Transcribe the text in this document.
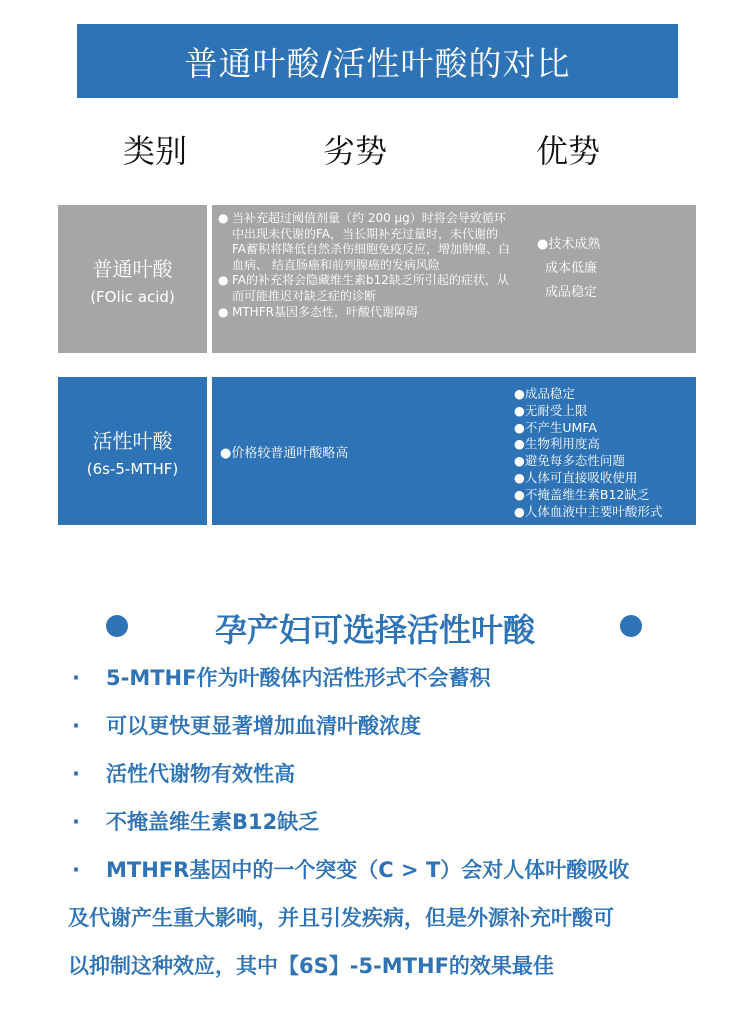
普通叶酸/活性叶酸的对比
类别	劣势	优势
普通叶酸
(FOlic acid)
● 当补充超过阈值剂量（约 200 μg）时将会导致循环中出现未代谢的FA，当长期补充过量时，未代谢的FA蓄积将降低自然杀伤细胞免疫反应，增加肿瘤、白血病、 结直肠癌和前列腺癌的发病风险
● FA的补充将会隐藏维生素b12缺乏所引起的症状，从而可能推迟对缺乏症的诊断
● MTHFR基因多态性，叶酸代谢障碍
●技术成熟
成本低廉
成品稳定
活性叶酸
(6s-5-MTHF)
●价格较普通叶酸略高
●成品稳定
●无耐受上限
●不产生UMFA
●生物利用度高
●避免每多态性问题
●人体可直接吸收使用
●不掩盖维生素B12缺乏
●人体血液中主要叶酸形式
孕产妇可选择活性叶酸
· 5-MTHF作为叶酸体内活性形式不会蓄积
· 可以更快更显著增加血清叶酸浓度
· 活性代谢物有效性高
· 不掩盖维生素B12缺乏
· MTHFR基因中的一个突变（C > T）会对人体叶酸吸收
及代谢产生重大影响，并且引发疾病，但是外源补充叶酸可
以抑制这种效应，其中【6S】-5-MTHF的效果最佳
